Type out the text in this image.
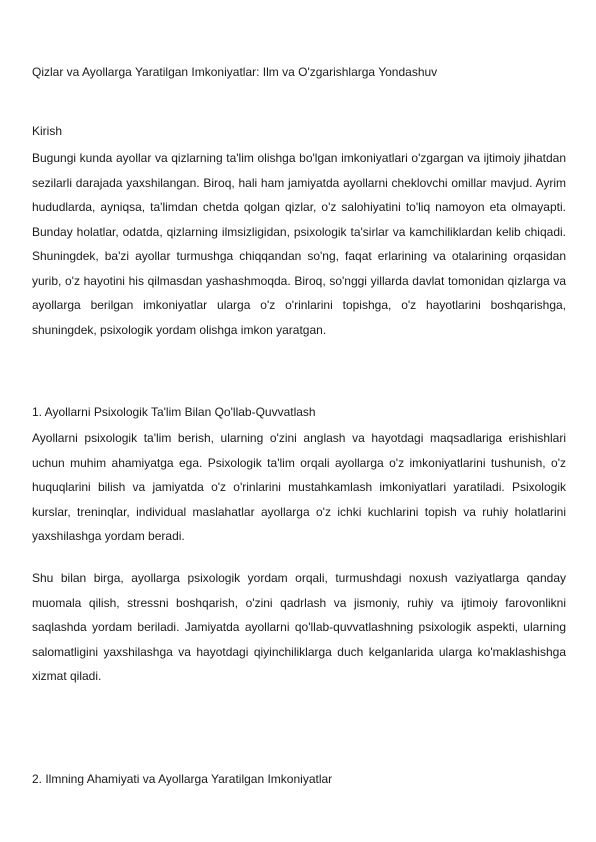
Qizlar va Ayollarga Yaratilgan Imkoniyatlar: Ilm va O'zgarishlarga Yondashuv
Kirish

Bugungi kunda ayollar va qizlarning ta'lim olishga bo'lgan imkoniyatlari o'zgargan va ijtimoiy jihatdan sezilarli darajada yaxshilangan. Biroq, hali ham jamiyatda ayollarni cheklovchi omillar mavjud. Ayrim hududlarda, ayniqsa, ta'limdan chetda qolgan qizlar, o'z salohiyatini to'liq namoyon eta olmayapti. Bunday holatlar, odatda, qizlarning ilmsizligidan, psixologik ta'sirlar va kamchiliklardan kelib chiqadi. Shuningdek, ba'zi ayollar turmushga chiqqandan so'ng, faqat erlarining va otalarining orqasidan yurib, o'z hayotini his qilmasdan yashashmoqda. Biroq, so'nggi yillarda davlat tomonidan qizlarga va ayollarga berilgan imkoniyatlar ularga o'z o'rinlarini topishga, o'z hayotlarini boshqarishga, shuningdek, psixologik yordam olishga imkon yaratgan.

1. Ayollarni Psixologik Ta'lim Bilan Qo'llab-Quvvatlash

Ayollarni psixologik ta'lim berish, ularning o'zini anglash va hayotdagi maqsadlariga erishishlari uchun muhim ahamiyatga ega. Psixologik ta'lim orqali ayollarga o'z imkoniyatlarini tushunish, o'z huquqlarini bilish va jamiyatda o'z o'rinlarini mustahkamlash imkoniyatlari yaratiladi. Psixologik kurslar, treninqlar, individual maslahatlar ayollarga o'z ichki kuchlarini topish va ruhiy holatlarini yaxshilashga yordam beradi.

Shu bilan birga, ayollarga psixologik yordam orqali, turmushdagi noxush vaziyatlarga qanday muomala qilish, stressni boshqarish, o'zini qadrlash va jismoniy, ruhiy va ijtimoiy farovonlikni saqlashda yordam beriladi. Jamiyatda ayollarni qo'llab-quvvatlashning psixologik aspekti, ularning salomatligini yaxshilashga va hayotdagi qiyinchiliklarga duch kelganlarida ularga ko'maklashishga xizmat qiladi.

2. Ilmning Ahamiyati va Ayollarga Yaratilgan Imkoniyatlar
